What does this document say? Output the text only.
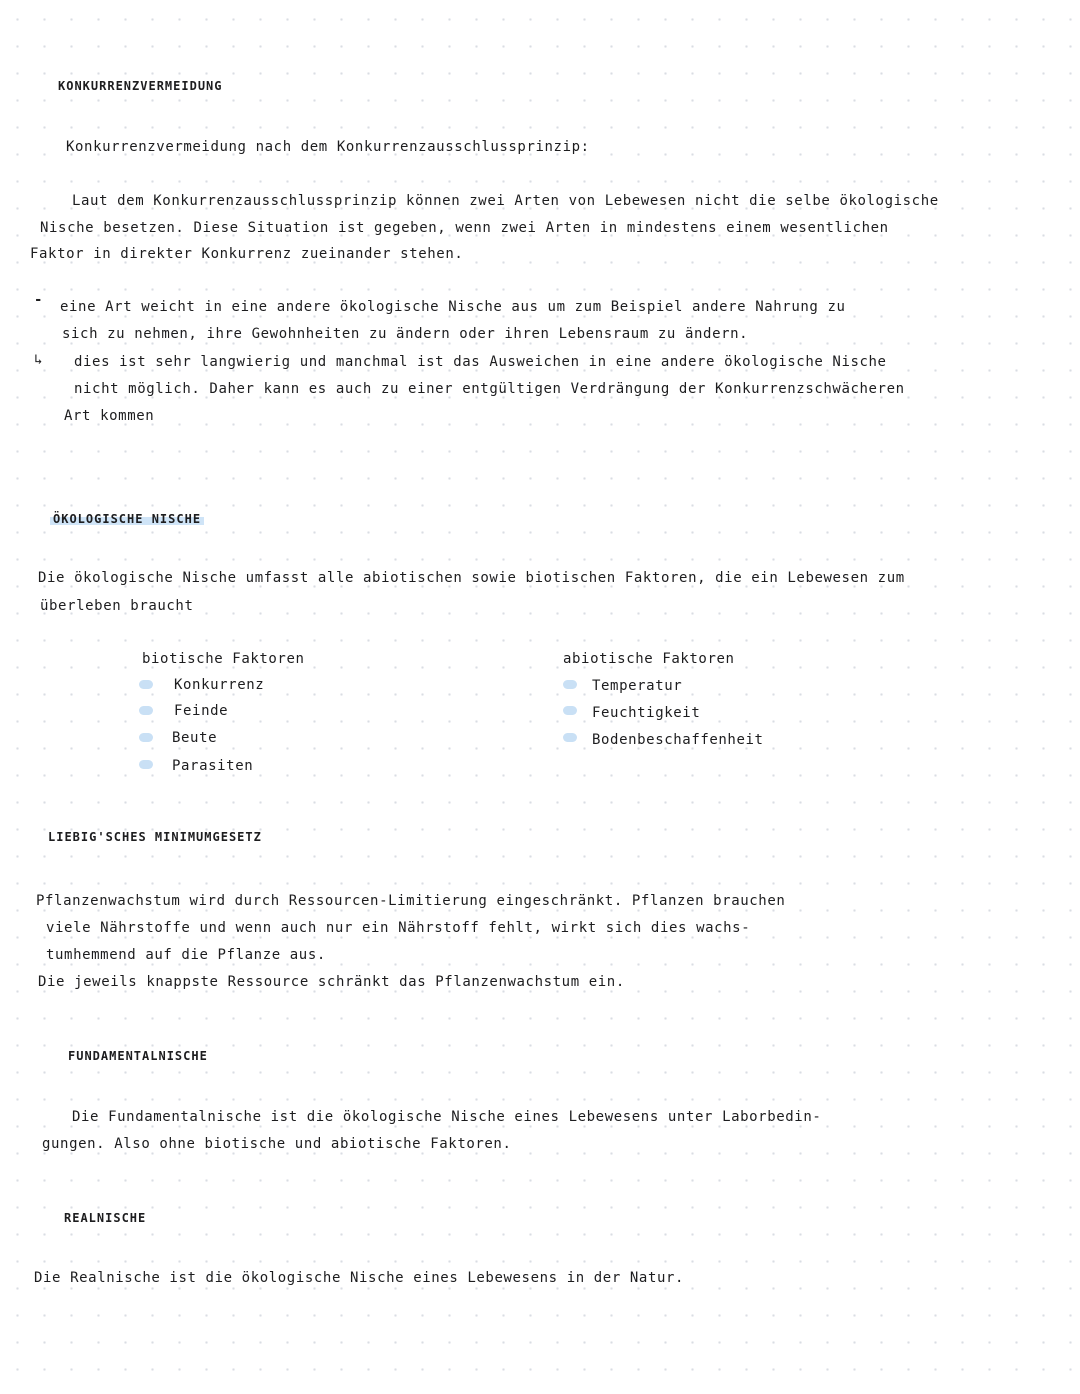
KONKURRENZVERMEIDUNG
Konkurrenzvermeidung nach dem Konkurrenzausschlussprinzip:
Laut dem Konkurrenzausschlussprinzip können zwei Arten von Lebewesen nicht die selbe ökologische
Nische besetzen. Diese Situation ist gegeben, wenn zwei Arten in mindestens einem wesentlichen
Faktor in direkter Konkurrenz zueinander stehen.
- eine Art weicht in eine andere ökologische Nische aus um zum Beispiel andere Nahrung zu
sich zu nehmen, ihre Gewohnheiten zu ändern oder ihren Lebensraum zu ändern.
↳ dies ist sehr langwierig und manchmal ist das Ausweichen in eine andere ökologische Nische
nicht möglich. Daher kann es auch zu einer entgültigen Verdrängung der Konkurrenzschwächeren
Art kommen
ÖKOLOGISCHE NISCHE
Die ökologische Nische umfasst alle abiotischen sowie biotischen Faktoren, die ein Lebewesen zum
überleben braucht
biotische Faktoren
Konkurrenz
Feinde
Beute
Parasiten
abiotische Faktoren
Temperatur
Feuchtigkeit
Bodenbeschaffenheit
LIEBIG'SCHES MINIMUMGESETZ
Pflanzenwachstum wird durch Ressourcen-Limitierung eingeschränkt. Pflanzen brauchen
viele Nährstoffe und wenn auch nur ein Nährstoff fehlt, wirkt sich dies wachs-
tumhemmend auf die Pflanze aus.
Die jeweils knappste Ressource schränkt das Pflanzenwachstum ein.
FUNDAMENTALNISCHE
Die Fundamentalnische ist die ökologische Nische eines Lebewesens unter Laborbedin-
gungen. Also ohne biotische und abiotische Faktoren.
REALNISCHE
Die Realnische ist die ökologische Nische eines Lebewesens in der Natur.
